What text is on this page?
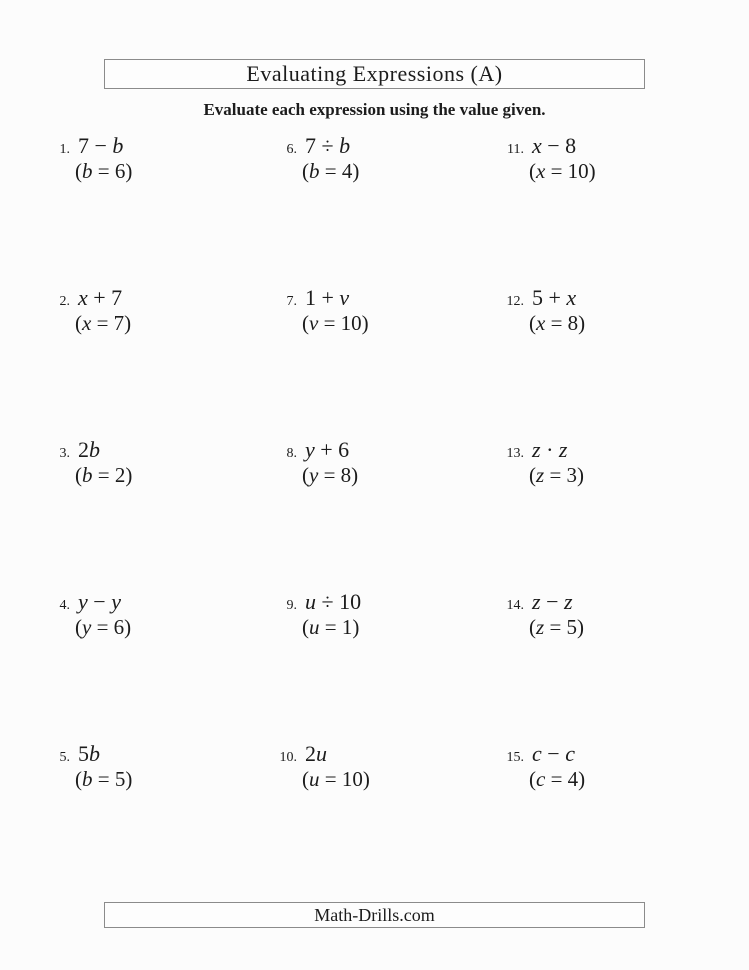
Evaluating Expressions (A)
Evaluate each expression using the value given.
1. 7 − b
(b = 6)
2. x + 7
(x = 7)
3. 2b
(b = 2)
4. y − y
(y = 6)
5. 5b
(b = 5)
6. 7 ÷ b
(b = 4)
7. 1 + v
(v = 10)
8. y + 6
(y = 8)
9. u ÷ 10
(u = 1)
10. 2u
(u = 10)
11. x − 8
(x = 10)
12. 5 + x
(x = 8)
13. z · z
(z = 3)
14. z − z
(z = 5)
15. c − c
(c = 4)
Math-Drills.com
